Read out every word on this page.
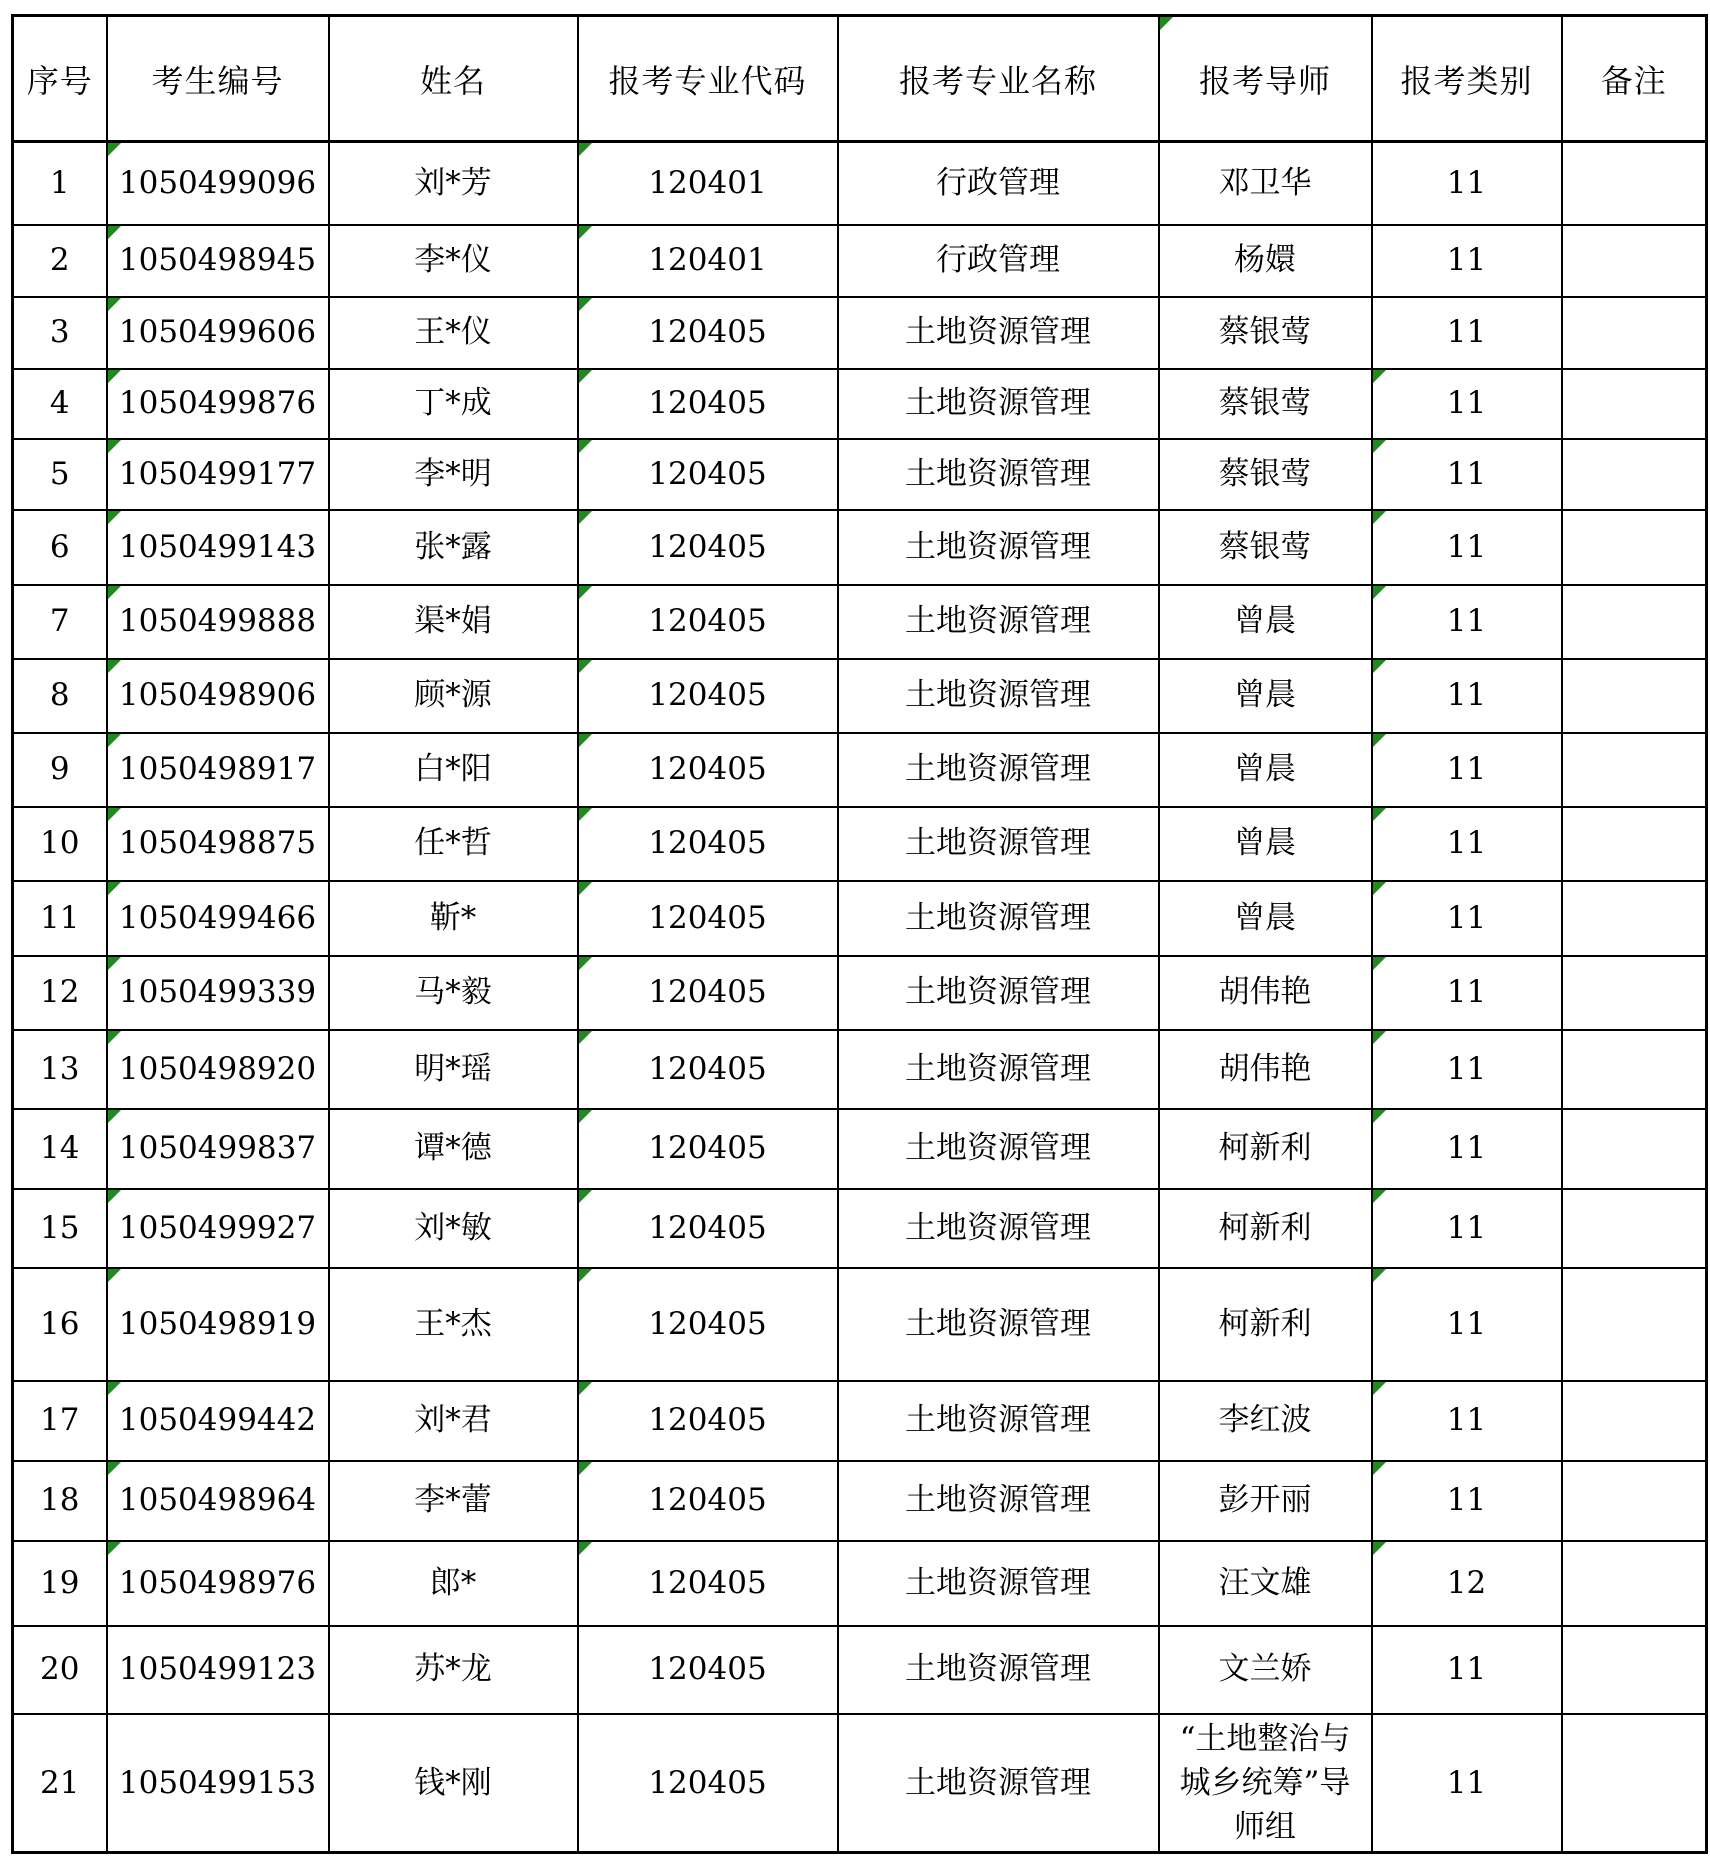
序号	考生编号	姓名	报考专业代码	报考专业名称	报考导师	报考类别	备注
1	1050499096	刘*芳	120401	行政管理	邓卫华	11	
2	1050498945	李*仪	120401	行政管理	杨嬛	11	
3	1050499606	王*仪	120405	土地资源管理	蔡银莺	11	
4	1050499876	丁*成	120405	土地资源管理	蔡银莺	11

5	1050499177	李*明	120405	土地资源管理	蔡银莺	11

6	1050499143	张*露	120405	土地资源管理	蔡银莺	11

7	1050499888	渠*娟	120405	土地资源管理	曾晨	11

8	1050498906	顾*源	120405	土地资源管理	曾晨	11

9	1050498917	白*阳	120405	土地资源管理	曾晨	11

10	1050498875	任*哲	120405	土地资源管理	曾晨	11

11	1050499466	靳*	120405	土地资源管理	曾晨	11

12	1050499339	马*毅	120405	土地资源管理	胡伟艳	11

13	1050498920	明*瑶	120405	土地资源管理	胡伟艳	11

14	1050499837	谭*德	120405	土地资源管理	柯新利	11

15	1050499927	刘*敏	120405	土地资源管理	柯新利	11

16	1050498919	王*杰	120405	土地资源管理	柯新利	11

17	1050499442	刘*君	120405	土地资源管理	李红波	11

18	1050498964	李*蕾	120405	土地资源管理	彭开丽	11

19	1050498976	郎*	120405	土地资源管理	汪文雄	12

20	1050499123	苏*龙	120405	土地资源管理	文兰娇	11	
21	1050499153	钱*刚	120405	土地资源管理	“土地整治与城乡统筹”导师组	11	
